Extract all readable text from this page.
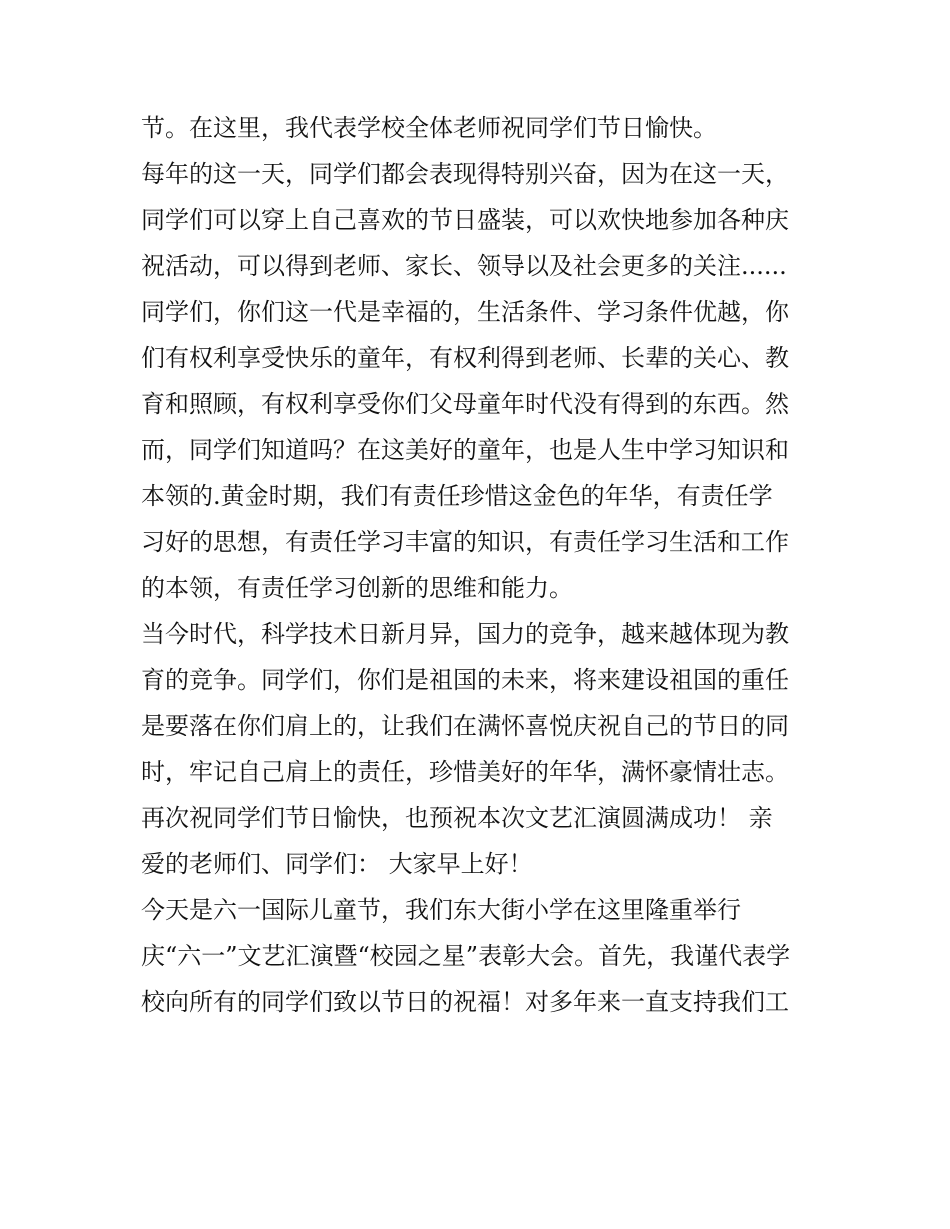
节。在这里，我代表学校全体老师祝同学们节日愉快。
每年的这一天，同学们都会表现得特别兴奋，因为在这一天，
同学们可以穿上自己喜欢的节日盛装，可以欢快地参加各种庆
祝活动，可以得到老师、家长、领导以及社会更多的关注......
同学们，你们这一代是幸福的，生活条件、学习条件优越，你
们有权利享受快乐的童年，有权利得到老师、长辈的关心、教
育和照顾，有权利享受你们父母童年时代没有得到的东西。然
而，同学们知道吗？在这美好的童年，也是人生中学习知识和
本领的.黄金时期，我们有责任珍惜这金色的年华，有责任学
习好的思想，有责任学习丰富的知识，有责任学习生活和工作
的本领，有责任学习创新的思维和能力。
当今时代，科学技术日新月异，国力的竞争，越来越体现为教
育的竞争。同学们，你们是祖国的未来，将来建设祖国的重任
是要落在你们肩上的，让我们在满怀喜悦庆祝自己的节日的同
时，牢记自己肩上的责任，珍惜美好的年华，满怀豪情壮志。
再次祝同学们节日愉快，也预祝本次文艺汇演圆满成功！ 亲
爱的老师们、同学们： 大家早上好！
今天是六一国际儿童节，我们东大街小学在这里隆重举行
庆“六一”文艺汇演暨“校园之星”表彰大会。首先，我谨代表学
校向所有的同学们致以节日的祝福！对多年来一直支持我们工
